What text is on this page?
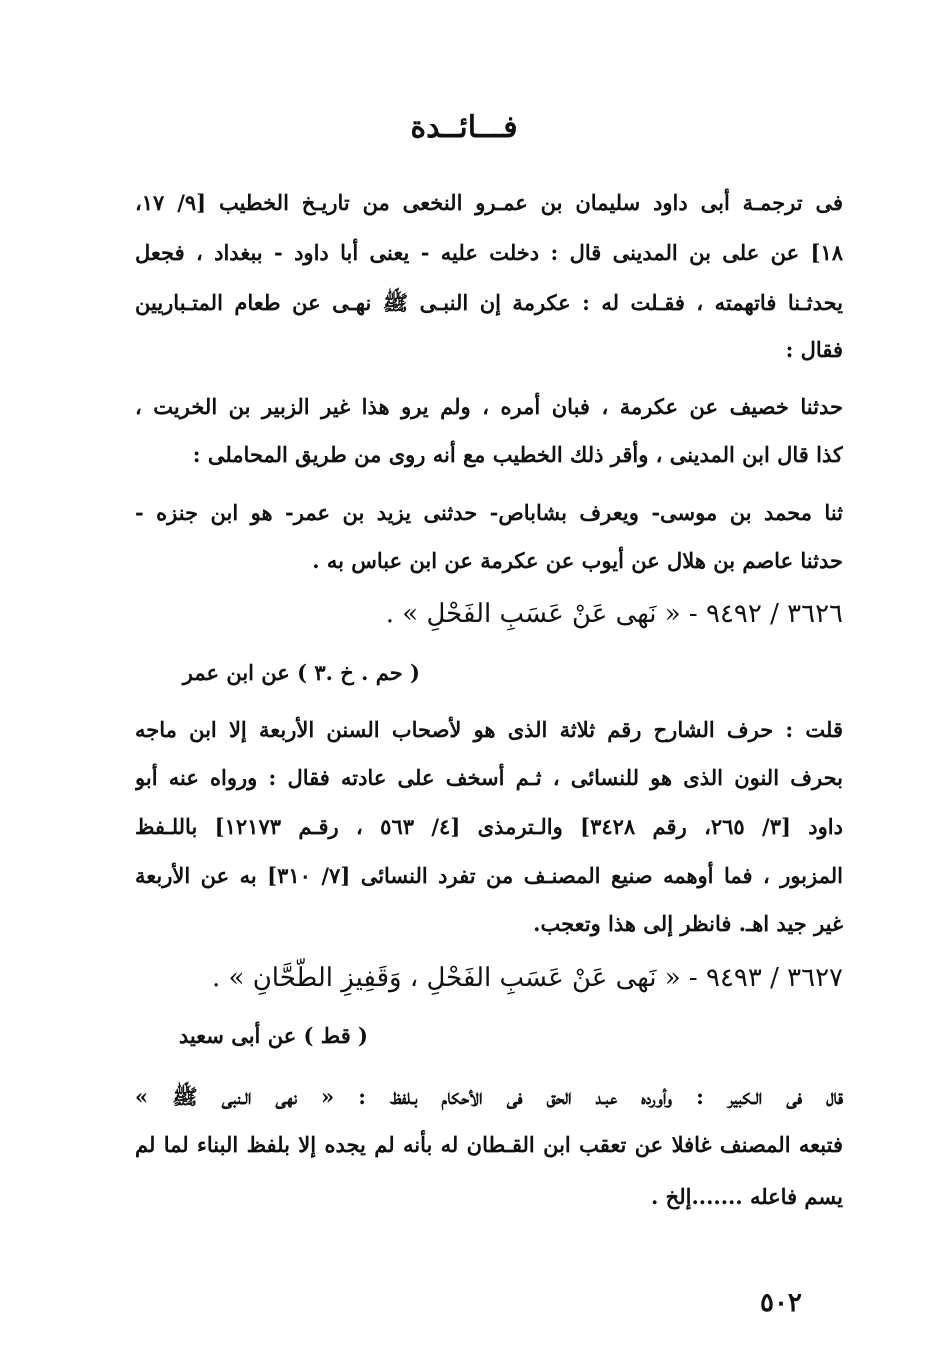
فـــائــدة
فى ترجمـة أبى داود سليمان بن عمـرو النخعى من تاريـخ الخطيب [٩/ ١٧،
١٨] عن على بن المدينى قال : دخلت عليه - يعنى أبا داود - ببغداد ، فجعل
يحدثـنا فاتهمته ، فقـلت له : عكرمة إن النبـى ﷺ نهـى عن طعام المتـباريين
فقال :
حدثنا خصيف عن عكرمة ، فبان أمره ، ولم يرو هذا غير الزبير بن الخريت ،
كذا قال ابن المدينى ، وأقر ذلك الخطيب مع أنه روى من طريق المحاملى :
ثنا محمد بن موسى- ويعرف بشاباص- حدثنى يزيد بن عمر- هو ابن جنزه -
حدثنا عاصم بن هلال عن أيوب عن عكرمة عن ابن عباس به .
٣٦٢٦ / ٩٤٩٢ - « نَهى عَنْ عَسَبِ الفَحْلِ » .
( حم . خ .٣ ) عن ابن عمر
قلت : حرف الشارح رقم ثلاثة الذى هو لأصحاب السنن الأربعة إلا ابن ماجه
بحرف النون الذى هو للنسائى ، ثـم أسخف على عادته فقال : ورواه عنه أبو
داود [٣/ ٢٦٥، رقم ٣٤٢٨] والـترمذى [٤/ ٥٦٣ ، رقـم ١٢١٧٣] باللـفظ
المزبور ، فما أوهمه صنيع المصنـف من تفرد النسائى [٧/ ٣١٠] به عن الأربعة
غير جيد اهـ. فانظر إلى هذا وتعجب.
٣٦٢٧ / ٩٤٩٣ - « نَهى عَنْ عَسَبِ الفَحْلِ ، وَقَفِيزِ الطَّحَّانِ » .
( قط ) عن أبى سعيد
قال فى الـكبير : وأورده عبـد الحق فى الأحكام بـلفظ : « نهى الـنبى ﷺ »
فتبعه المصنف غافلا عن تعقب ابن القـطان له بأنه لم يجده إلا بلفظ البناء لما لم
يسم فاعله .......إلخ .
٥٠٢
